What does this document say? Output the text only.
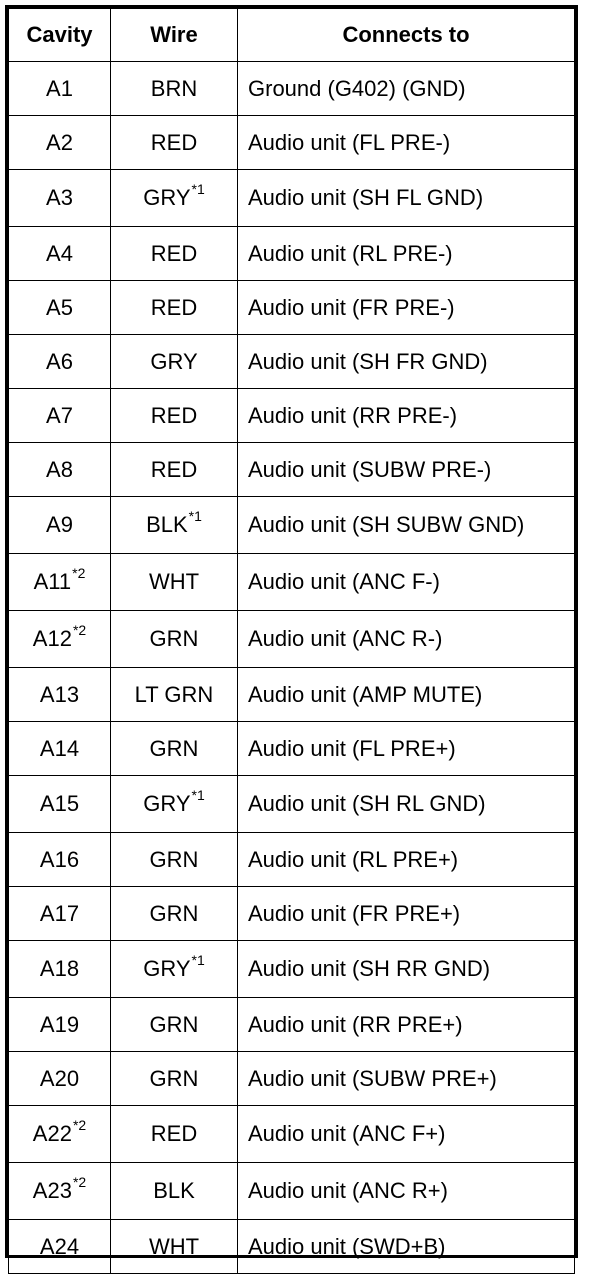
Cavity	Wire	Connects to
A1	BRN	Ground (G402) (GND)
A2	RED	Audio unit (FL PRE-)
A3	GRY$^{*1}$	Audio unit (SH FL GND)
A4	RED	Audio unit (RL PRE-)
A5	RED	Audio unit (FR PRE-)
A6	GRY	Audio unit (SH FR GND)
A7	RED	Audio unit (RR PRE-)
A8	RED	Audio unit (SUBW PRE-)
A9	BLK$^{*1}$	Audio unit (SH SUBW GND)
A11$^{*2}$	WHT	Audio unit (ANC F-)
A12$^{*2}$	GRN	Audio unit (ANC R-)
A13	LT GRN	Audio unit (AMP MUTE)
A14	GRN	Audio unit (FL PRE+)
A15	GRY$^{*1}$	Audio unit (SH RL GND)
A16	GRN	Audio unit (RL PRE+)
A17	GRN	Audio unit (FR PRE+)
A18	GRY$^{*1}$	Audio unit (SH RR GND)
A19	GRN	Audio unit (RR PRE+)
A20	GRN	Audio unit (SUBW PRE+)
A22$^{*2}$	RED	Audio unit (ANC F+)
A23$^{*2}$	BLK	Audio unit (ANC R+)
A24	WHT	Audio unit (SWD+B)
